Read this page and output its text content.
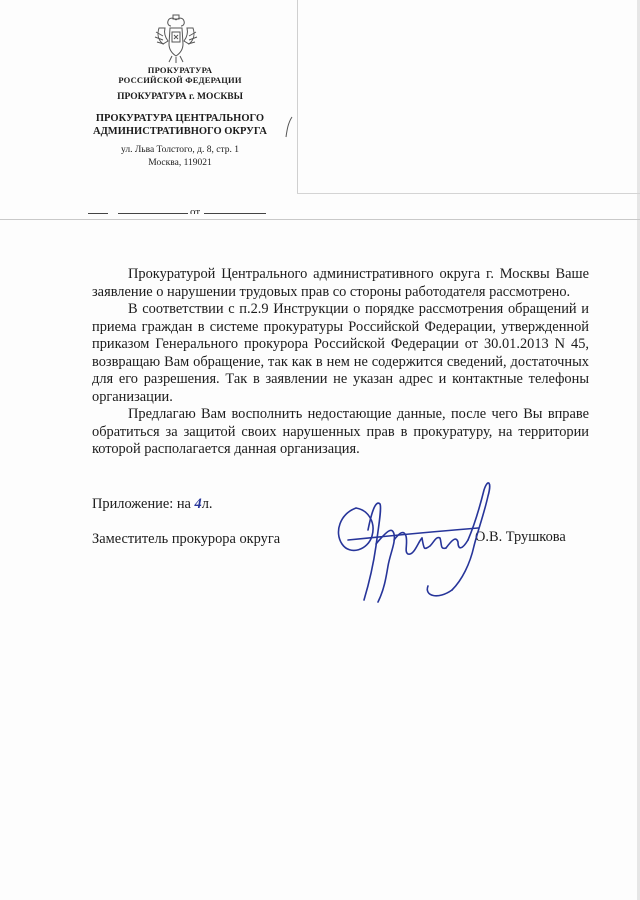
ПРОКУРАТУРА
РОССИЙСКОЙ ФЕДЕРАЦИИ
ПРОКУРАТУРА г. МОСКВЫ
ПРОКУРАТУРА ЦЕНТРАЛЬНОГО
АДМИНИСТРАТИВНОГО ОКРУГА
ул. Льва Толстого, д. 8, стр. 1
Москва, 119021
от

Прокуратурой Центрального административного округа г. Москвы Ваше заявление о нарушении трудовых прав со стороны работодателя рассмотрено.

В соответствии с п.2.9 Инструкции о порядке рассмотрения обращений и приема граждан в системе прокуратуры Российской Федерации, утвержденной приказом Генерального прокурора Российской Федерации от 30.01.2013 N 45, возвращаю Вам обращение, так как в нем не содержится сведений, достаточных для его разрешения. Так в заявлении не указан адрес и контактные телефоны организации.

Предлагаю Вам восполнить недостающие данные, после чего Вы вправе обратиться за защитой своих нарушенных прав в прокуратуру, на территории которой располагается данная организация.

Приложение: на 4л.
Заместитель прокурора округа	О.В. Трушкова
